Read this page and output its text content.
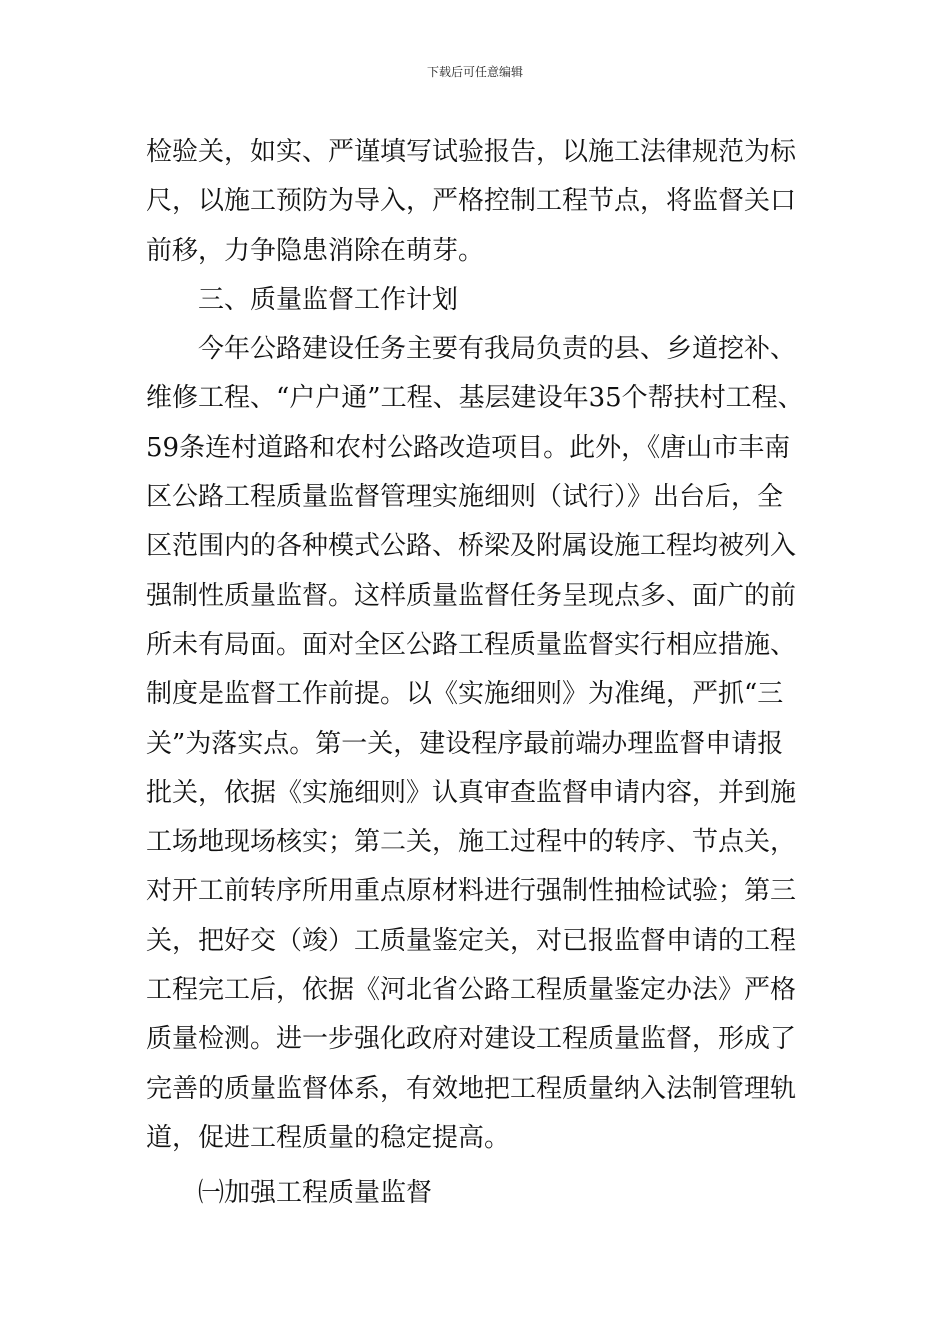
下载后可任意编辑
检验关，如实、严谨填写试验报告，以施工法律规范为标
尺，以施工预防为导入，严格控制工程节点，将监督关口
前移，力争隐患消除在萌芽。
三、质量监督工作计划
今年公路建设任务主要有我局负责的县、乡道挖补、
维修工程、“户户通”工程、基层建设年35个帮扶村工程、
59条连村道路和农村公路改造项目。此外，《唐山市丰南
区公路工程质量监督管理实施细则（试行）》出台后，全
区范围内的各种模式公路、桥梁及附属设施工程均被列入
强制性质量监督。这样质量监督任务呈现点多、面广的前
所未有局面。面对全区公路工程质量监督实行相应措施、
制度是监督工作前提。以《实施细则》为准绳，严抓“三
关”为落实点。第一关，建设程序最前端办理监督申请报
批关，依据《实施细则》认真审查监督申请内容，并到施
工场地现场核实；第二关，施工过程中的转序、节点关，
对开工前转序所用重点原材料进行强制性抽检试验；第三
关，把好交（竣）工质量鉴定关，对已报监督申请的工程
工程完工后，依据《河北省公路工程质量鉴定办法》严格
质量检测。进一步强化政府对建设工程质量监督，形成了
完善的质量监督体系，有效地把工程质量纳入法制管理轨
道，促进工程质量的稳定提高。
㈠加强工程质量监督
